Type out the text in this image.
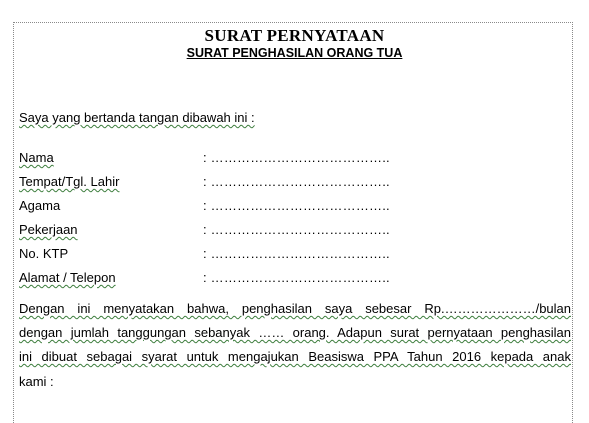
SURAT PERNYATAAN
SURAT PENGHASILAN ORANG TUA
Saya yang bertanda tangan dibawah ini :
Nama	: …………………………………..
Tempat/Tgl. Lahir	: …………………………………..
Agama	: …………………………………..
Pekerjaan	: …………………………………..
No. KTP	: …………………………………..
Alamat / Telepon	: …………………………………..
Dengan ini menyatakan bahwa, penghasilan saya sebesar Rp.…………………/bulan
dengan jumlah tanggungan sebanyak …… orang. Adapun surat pernyataan penghasilan
ini dibuat sebagai syarat untuk mengajukan Beasiswa PPA Tahun 2016 kepada anak
kami :
